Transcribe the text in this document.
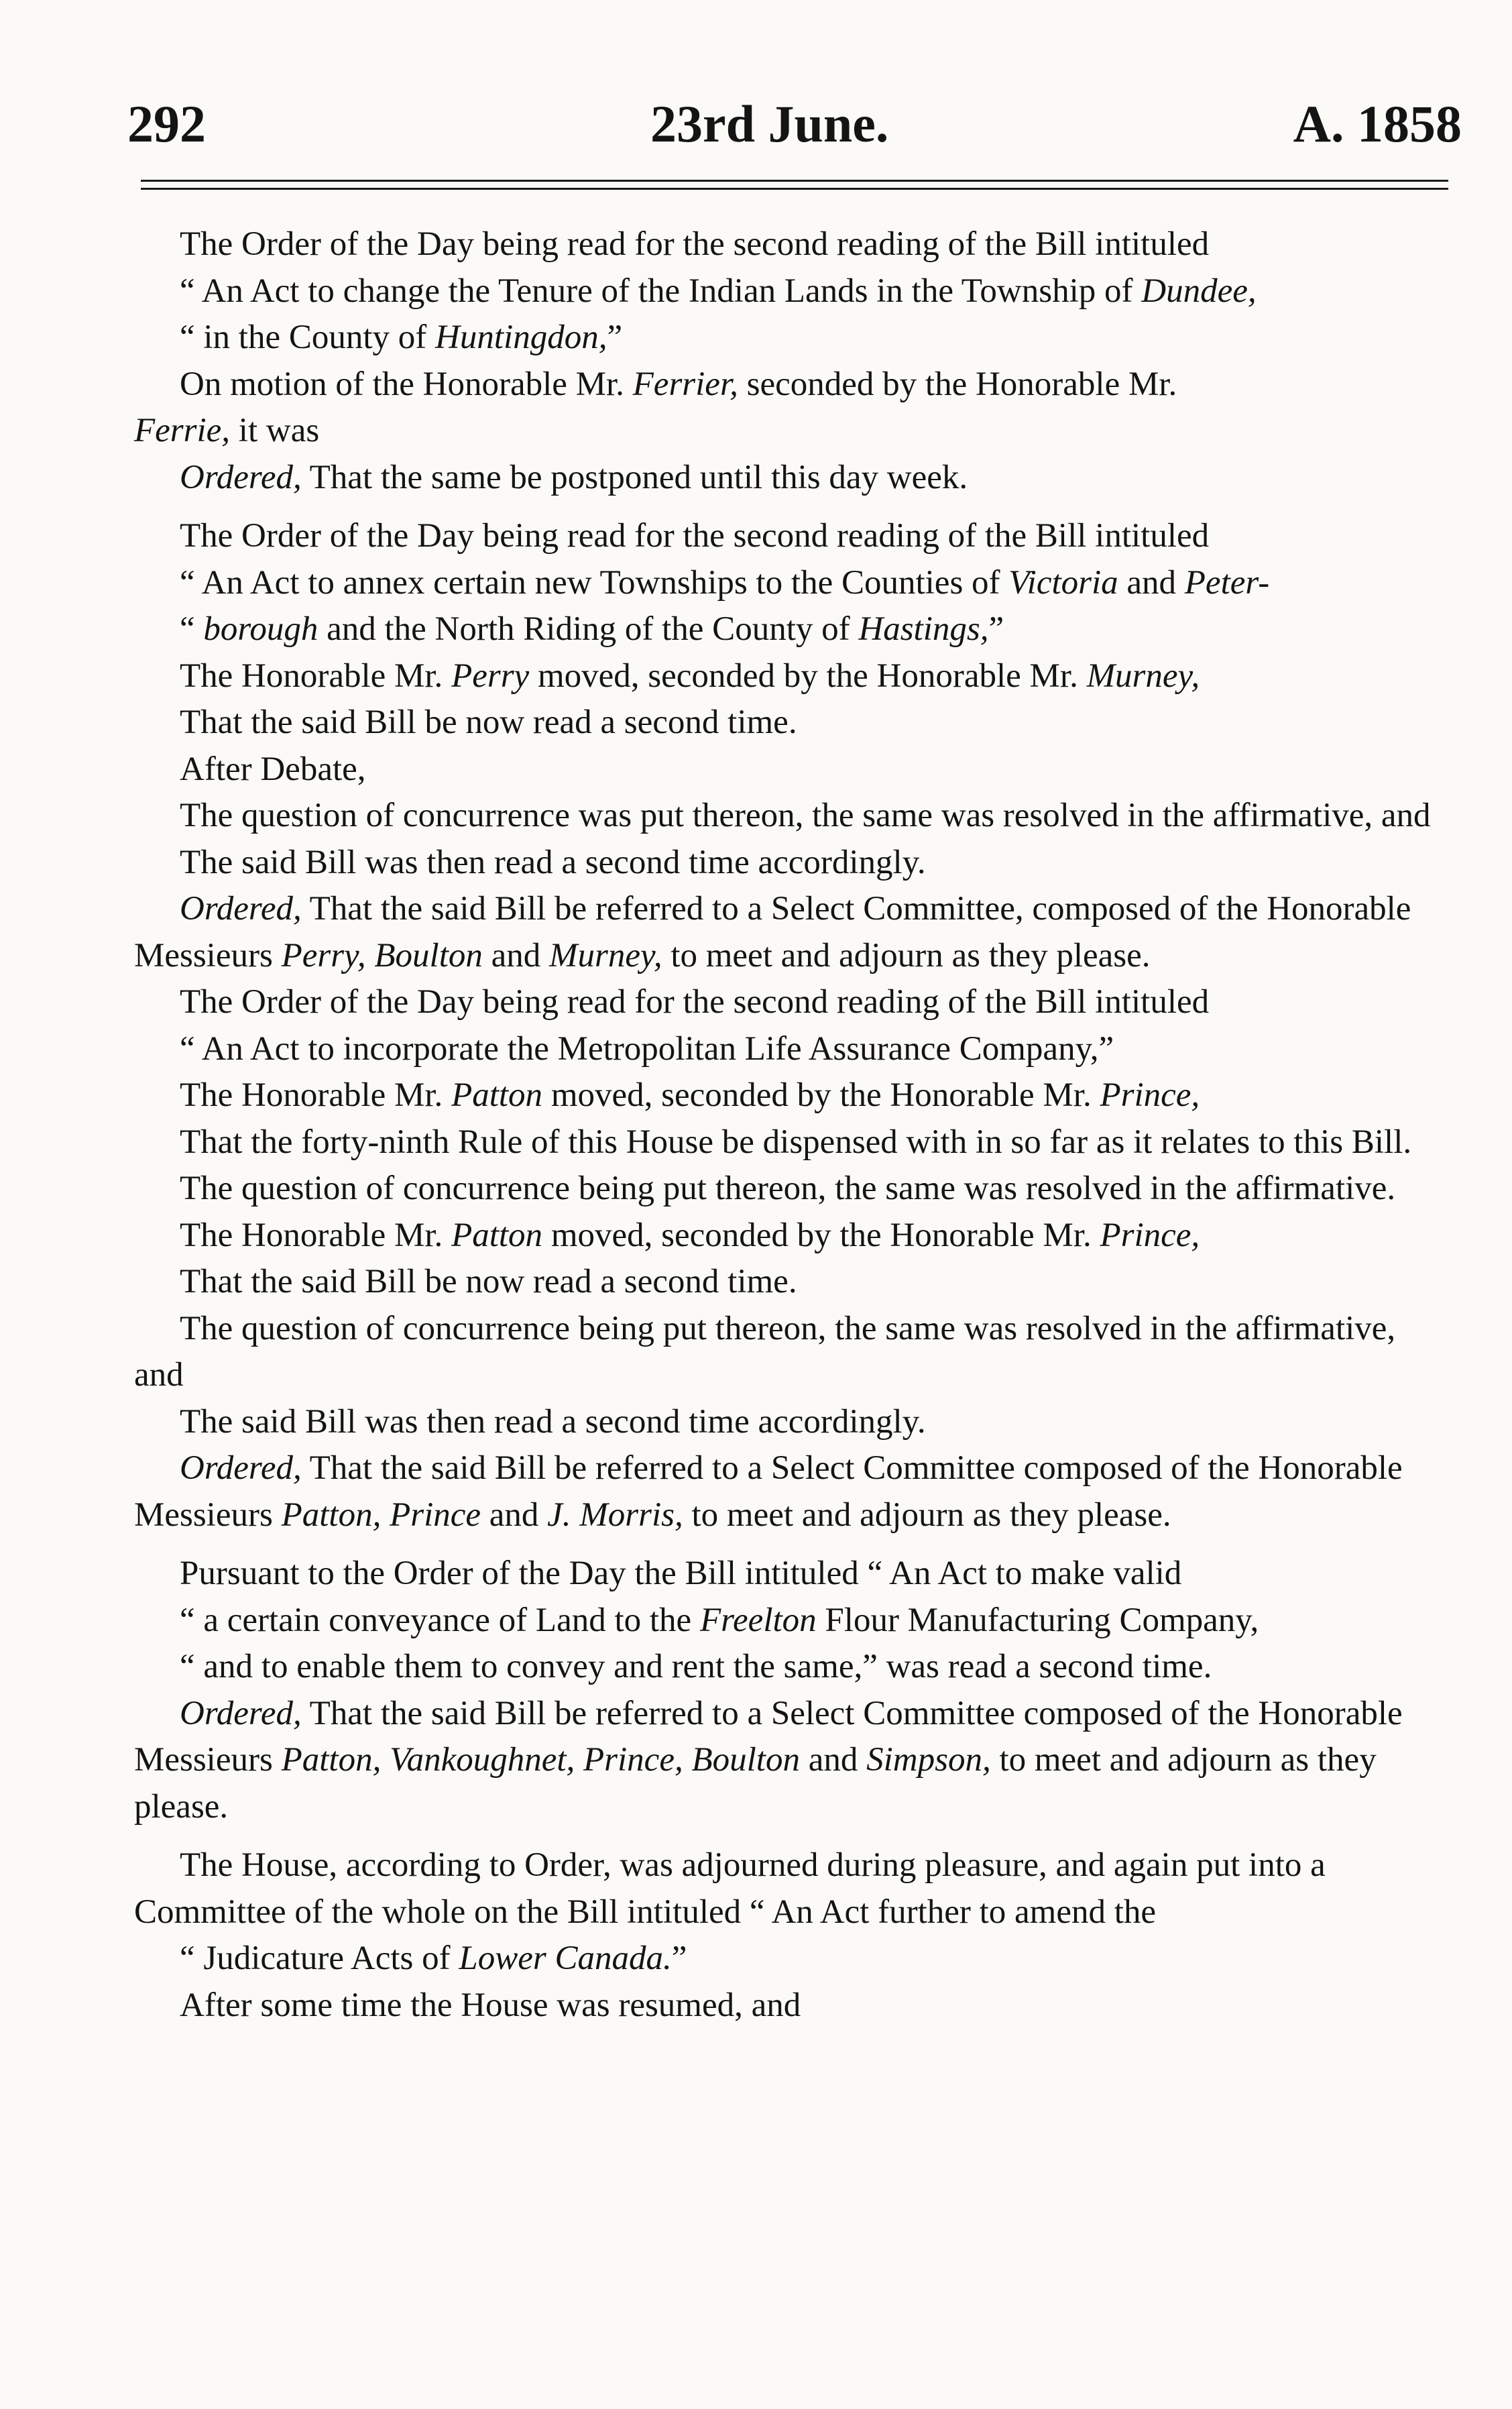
292	23rd June.	A. 1858

The Order of the Day being read for the second reading of the Bill intituled

“ An Act to change the Tenure of the Indian Lands in the Township of Dundee,

“ in the County of Huntingdon,”

On motion of the Honorable Mr. Ferrier, seconded by the Honorable Mr.

Ferrie, it was

Ordered, That the same be postponed until this day week.

The Order of the Day being read for the second reading of the Bill intituled

“ An Act to annex certain new Townships to the Counties of Victoria and Peter-

“ borough and the North Riding of the County of Hastings,”

The Honorable Mr. Perry moved, seconded by the Honorable Mr. Murney,

That the said Bill be now read a second time.

After Debate,

The question of concurrence was put thereon, the same was resolved in the affirmative, and

The said Bill was then read a second time accordingly.

Ordered, That the said Bill be referred to a Select Committee, composed of the Honorable Messieurs Perry, Boulton and Murney, to meet and adjourn as they please.

The Order of the Day being read for the second reading of the Bill intituled

“ An Act to incorporate the Metropolitan Life Assurance Company,”

The Honorable Mr. Patton moved, seconded by the Honorable Mr. Prince,

That the forty-ninth Rule of this House be dispensed with in so far as it relates to this Bill.

The question of concurrence being put thereon, the same was resolved in the affirmative.

The Honorable Mr. Patton moved, seconded by the Honorable Mr. Prince,

That the said Bill be now read a second time.

The question of concurrence being put thereon, the same was resolved in the affirmative, and

The said Bill was then read a second time accordingly.

Ordered, That the said Bill be referred to a Select Committee composed of the Honorable Messieurs Patton, Prince and J. Morris, to meet and adjourn as they please.

Pursuant to the Order of the Day the Bill intituled “ An Act to make valid

“ a certain conveyance of Land to the Freelton Flour Manufacturing Company,

“ and to enable them to convey and rent the same,” was read a second time.

Ordered, That the said Bill be referred to a Select Committee composed of the Honorable Messieurs Patton, Vankoughnet, Prince, Boulton and Simpson, to meet and adjourn as they please.

The House, according to Order, was adjourned during pleasure, and again put into a Committee of the whole on the Bill intituled “ An Act further to amend the

“ Judicature Acts of Lower Canada.”

After some time the House was resumed, and
